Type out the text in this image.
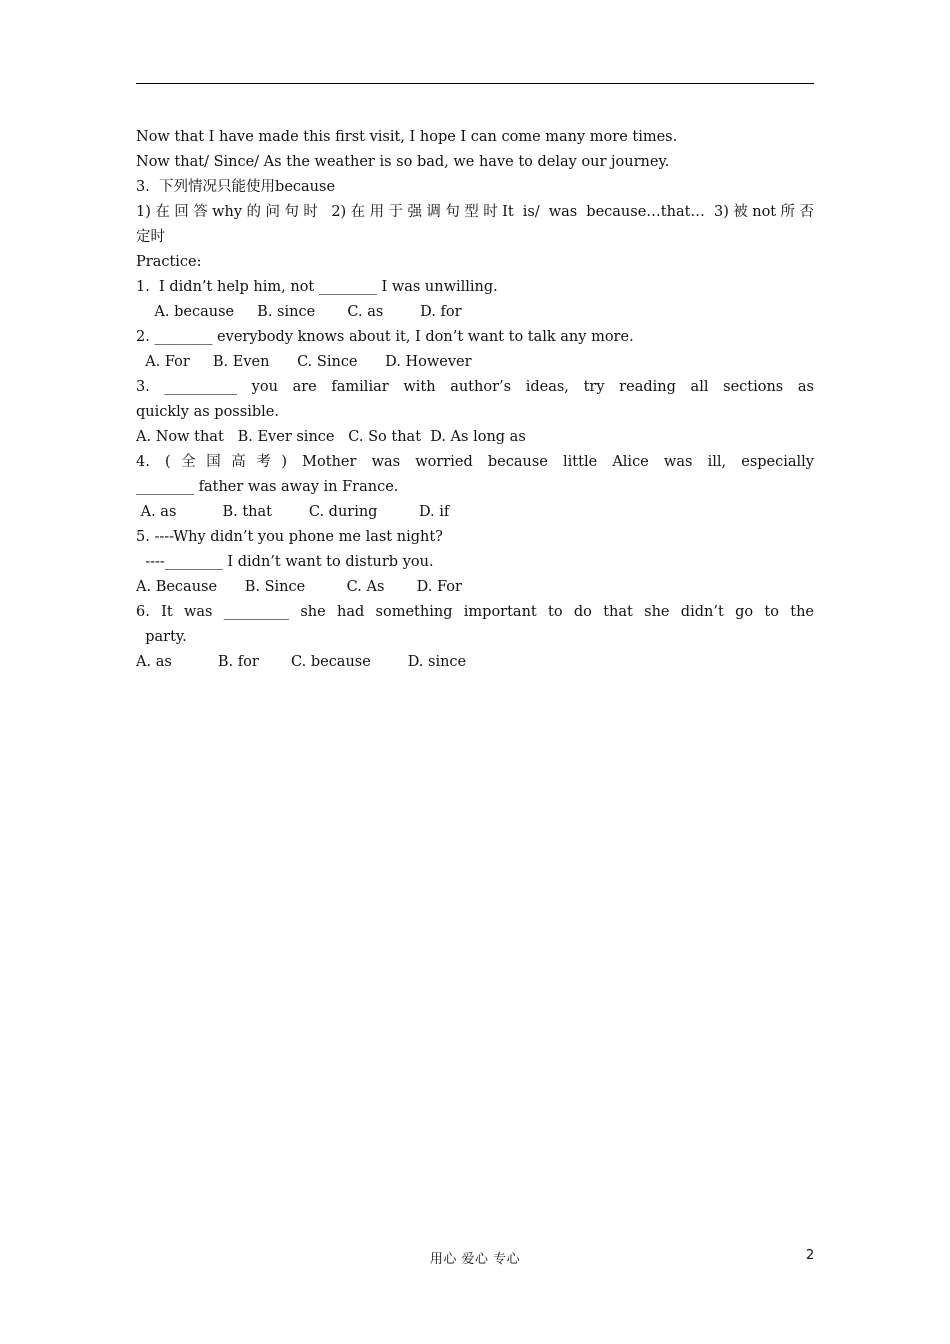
Now that I have made this first visit, I hope I can come many more times.
Now that/ Since/ As the weather is so bad, we have to delay our journey.
3.  下列情况只能使用because
1)在回答why的问句时 2)在用于强调句型时It is/ was because…that… 3)被not所否
定时
Practice:
1.  I didn’t help him, not ________ I was unwilling.
A. because     B. since       C. as        D. for
2. ________ everybody knows about it, I don’t want to talk any more.
A. For     B. Even      C. Since      D. However
3. __________ you are familiar with author’s ideas, try reading all sections as
quickly as possible.
A. Now that   B. Ever since   C. So that  D. As long as
4. (全国高考) Mother was worried because little Alice was ill, especially
________ father was away in France.
A. as          B. that        C. during         D. if
5. ----Why didn’t you phone me last night?
----________ I didn’t want to disturb you.
A. Because      B. Since         C. As       D. For
6. It was _________ she had something important to do that she didn’t go to the
party.
A. as          B. for       C. because        D. since
用心 爱心 专心	2
